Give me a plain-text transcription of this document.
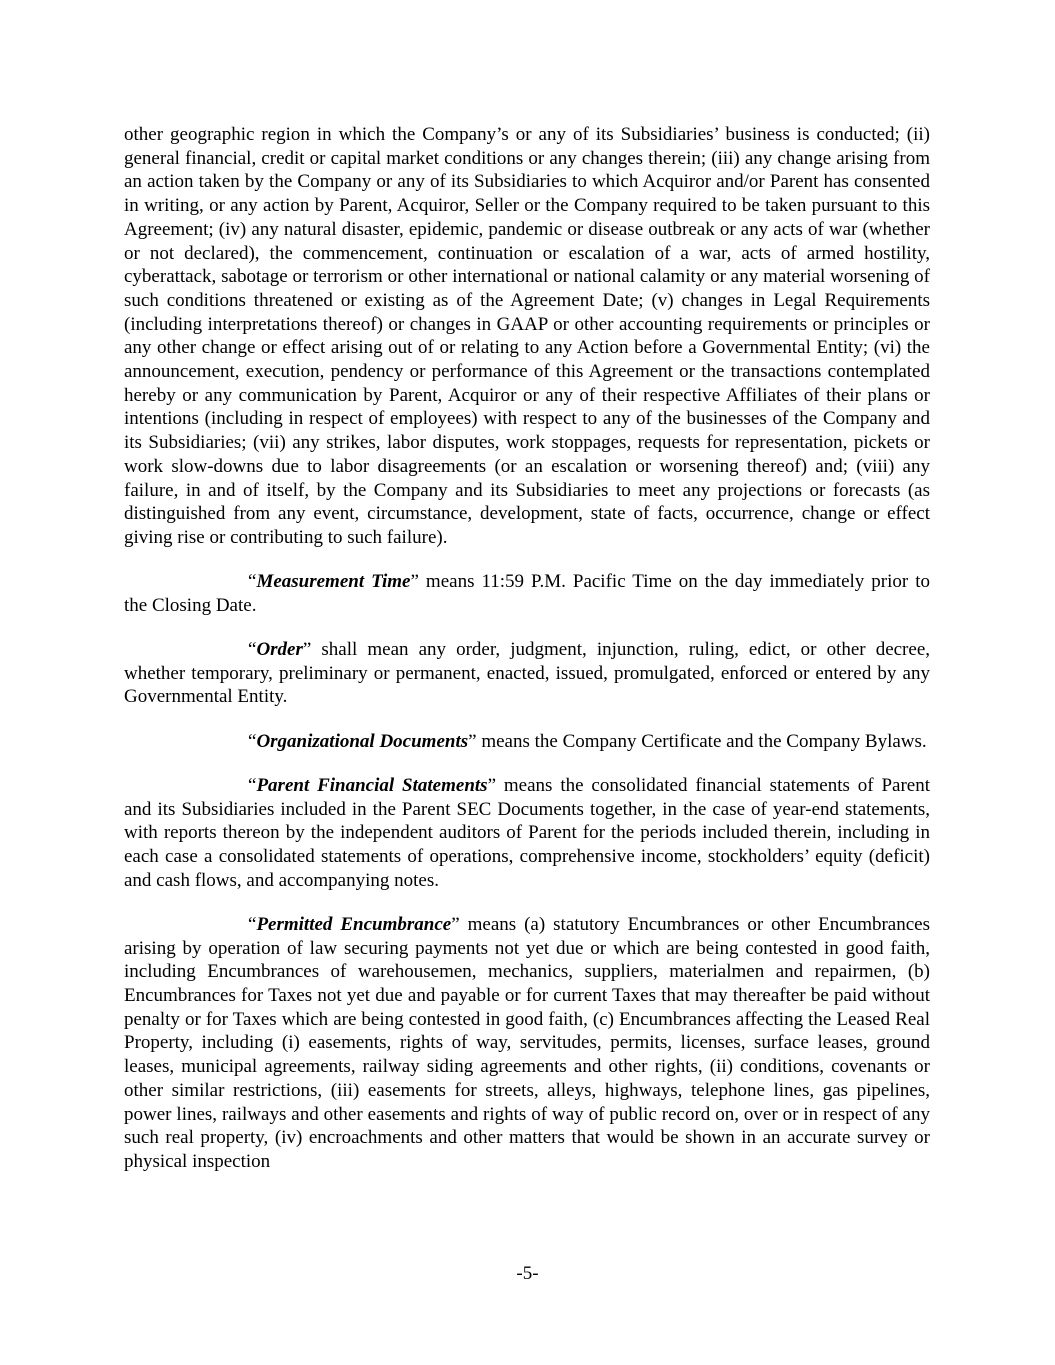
other geographic region in which the Company’s or any of its Subsidiaries’ business is conducted; (ii) general financial, credit or capital market conditions or any changes therein; (iii) any change arising from an action taken by the Company or any of its Subsidiaries to which Acquiror and/or Parent has consented in writing, or any action by Parent, Acquiror, Seller or the Company required to be taken pursuant to this Agreement; (iv) any natural disaster, epidemic, pandemic or disease outbreak or any acts of war (whether or not declared), the commencement, continuation or escalation of a war, acts of armed hostility, cyberattack, sabotage or terrorism or other international or national calamity or any material worsening of such conditions threatened or existing as of the Agreement Date; (v) changes in Legal Requirements (including interpretations thereof) or changes in GAAP or other accounting requirements or principles or any other change or effect arising out of or relating to any Action before a Governmental Entity; (vi) the announcement, execution, pendency or performance of this Agreement or the transactions contemplated hereby or any communication by Parent, Acquiror or any of their respective Affiliates of their plans or intentions (including in respect of employees) with respect to any of the businesses of the Company and its Subsidiaries; (vii) any strikes, labor disputes, work stoppages, requests for representation, pickets or work slow-downs due to labor disagreements (or an escalation or worsening thereof) and; (viii) any failure, in and of itself, by the Company and its Subsidiaries to meet any projections or forecasts (as distinguished from any event, circumstance, development, state of facts, occurrence, change or effect giving rise or contributing to such failure).

“Measurement Time” means 11:59 P.M. Pacific Time on the day immediately prior to the Closing Date.

“Order” shall mean any order, judgment, injunction, ruling, edict, or other decree, whether temporary, preliminary or permanent, enacted, issued, promulgated, enforced or entered by any Governmental Entity.

“Organizational Documents” means the Company Certificate and the Company Bylaws.

“Parent Financial Statements” means the consolidated financial statements of Parent and its Subsidiaries included in the Parent SEC Documents together, in the case of year-end statements, with reports thereon by the independent auditors of Parent for the periods included therein, including in each case a consolidated statements of operations, comprehensive income, stockholders’ equity (deficit) and cash flows, and accompanying notes.

“Permitted Encumbrance” means (a) statutory Encumbrances or other Encumbrances arising by operation of law securing payments not yet due or which are being contested in good faith, including Encumbrances of warehousemen, mechanics, suppliers, materialmen and repairmen, (b) Encumbrances for Taxes not yet due and payable or for current Taxes that may thereafter be paid without penalty or for Taxes which are being contested in good faith, (c) Encumbrances affecting the Leased Real Property, including (i) easements, rights of way, servitudes, permits, licenses, surface leases, ground leases, municipal agreements, railway siding agreements and other rights, (ii) conditions, covenants or other similar restrictions, (iii) easements for streets, alleys, highways, telephone lines, gas pipelines, power lines, railways and other easements and rights of way of public record on, over or in respect of any such real property, (iv) encroachments and other matters that would be shown in an accurate survey or physical inspection

-5-
